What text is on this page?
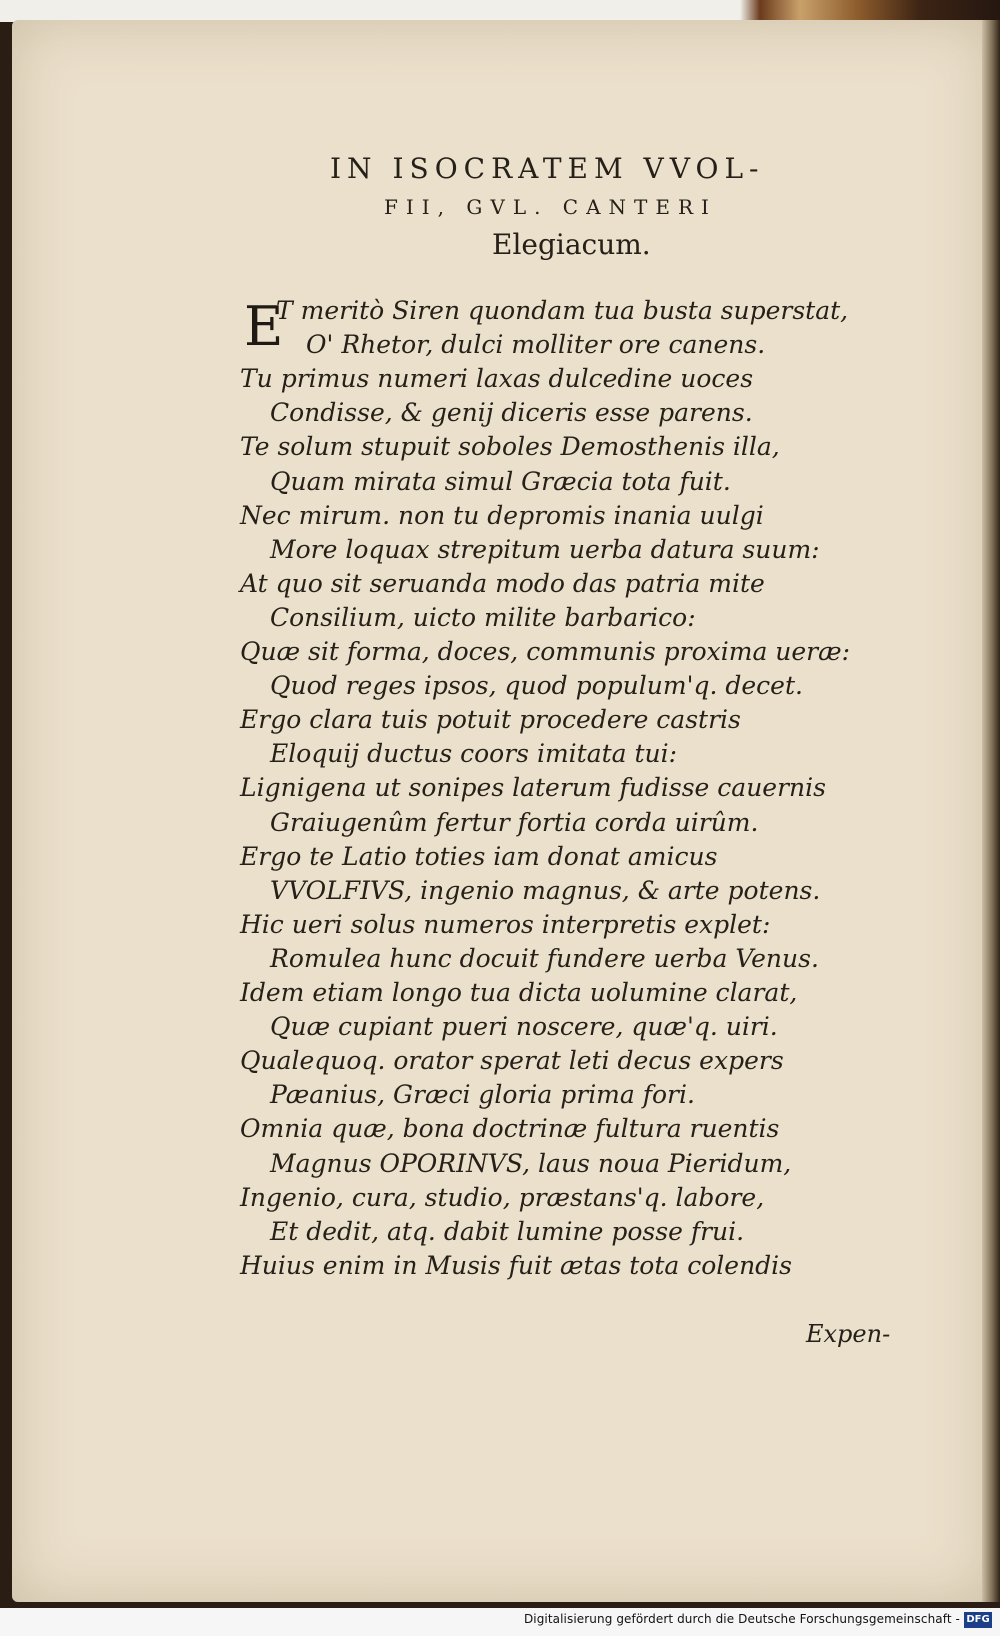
IN ISOCRATEM VVOL-
FII, GVL. CANTERI
Elegiacum.
E
T meritò Siren quondam tua busta superstat,
O' Rhetor, dulci molliter ore canens.
Tu primus numeri laxas dulcedine uoces
Condisse, & genij diceris esse parens.
Te solum stupuit soboles Demosthenis illa,
Quam mirata simul Græcia tota fuit.
Nec mirum. non tu depromis inania uulgi
More loquax strepitum uerba datura suum:
At quo sit seruanda modo das patria mite
Consilium, uicto milite barbarico:
Quæ sit forma, doces, communis proxima ueræ:
Quod reges ipsos, quod populum'q. decet.
Ergo clara tuis potuit procedere castris
Eloquij ductus coors imitata tui:
Lignigena ut sonipes laterum fudisse cauernis
Graiugenûm fertur fortia corda uirûm.
Ergo te Latio toties iam donat amicus
VVOLFIVS, ingenio magnus, & arte potens.
Hic ueri solus numeros interpretis explet:
Romulea hunc docuit fundere uerba Venus.
Idem etiam longo tua dicta uolumine clarat,
Quæ cupiant pueri noscere, quæ'q. uiri.
Qualequoq. orator sperat leti decus expers
Pæanius, Græci gloria prima fori.
Omnia quæ, bona doctrinæ fultura ruentis
Magnus OPORINVS, laus noua Pieridum,
Ingenio, cura, studio, præstans'q. labore,
Et dedit, atq. dabit lumine posse frui.
Huius enim in Musis fuit ætas tota colendis
Expen-
Digitalisierung gefördert durch die Deutsche Forschungsgemeinschaft - DFG
